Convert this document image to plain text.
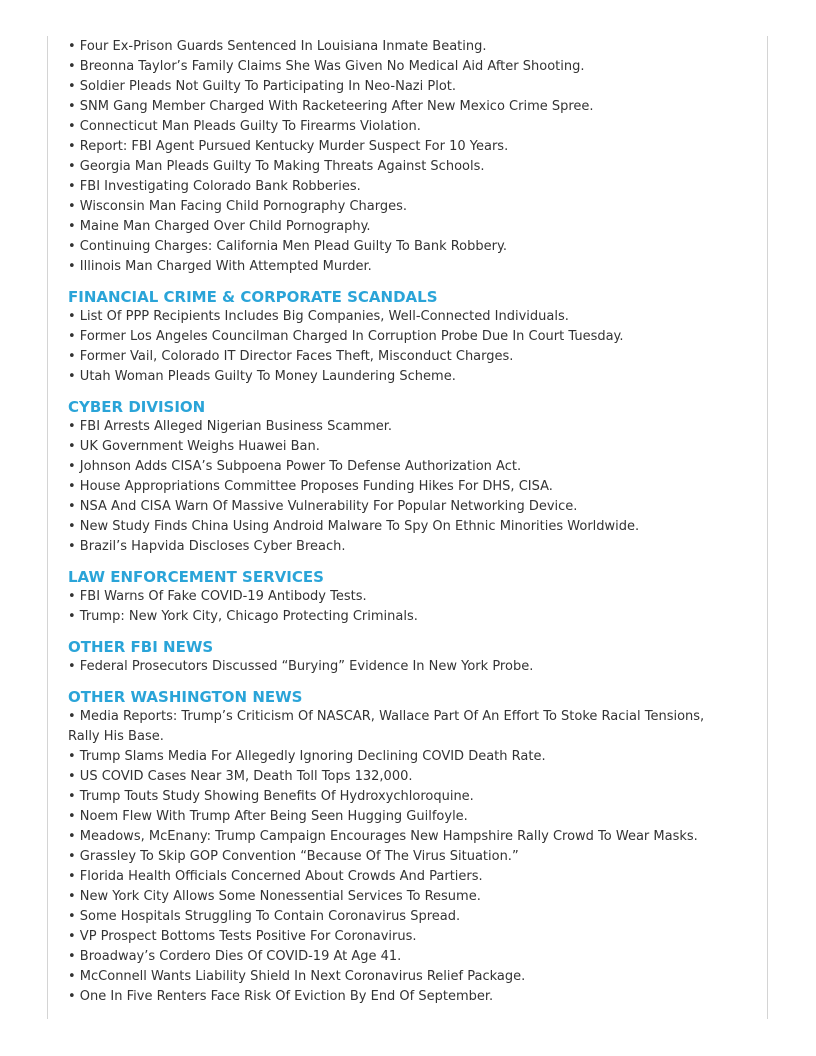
• Four Ex-Prison Guards Sentenced In Louisiana Inmate Beating.

• Breonna Taylor’s Family Claims She Was Given No Medical Aid After Shooting.

• Soldier Pleads Not Guilty To Participating In Neo-Nazi Plot.

• SNM Gang Member Charged With Racketeering After New Mexico Crime Spree.

• Connecticut Man Pleads Guilty To Firearms Violation.

• Report: FBI Agent Pursued Kentucky Murder Suspect For 10 Years.

• Georgia Man Pleads Guilty To Making Threats Against Schools.

• FBI Investigating Colorado Bank Robberies.

• Wisconsin Man Facing Child Pornography Charges.

• Maine Man Charged Over Child Pornography.

• Continuing Charges: California Men Plead Guilty To Bank Robbery.

• Illinois Man Charged With Attempted Murder.

FINANCIAL CRIME & CORPORATE SCANDALS

• List Of PPP Recipients Includes Big Companies, Well-Connected Individuals.

• Former Los Angeles Councilman Charged In Corruption Probe Due In Court Tuesday.

• Former Vail, Colorado IT Director Faces Theft, Misconduct Charges.

• Utah Woman Pleads Guilty To Money Laundering Scheme.

CYBER DIVISION

• FBI Arrests Alleged Nigerian Business Scammer.

• UK Government Weighs Huawei Ban.

• Johnson Adds CISA’s Subpoena Power To Defense Authorization Act.

• House Appropriations Committee Proposes Funding Hikes For DHS, CISA.

• NSA And CISA Warn Of Massive Vulnerability For Popular Networking Device.

• New Study Finds China Using Android Malware To Spy On Ethnic Minorities Worldwide.

• Brazil’s Hapvida Discloses Cyber Breach.

LAW ENFORCEMENT SERVICES

• FBI Warns Of Fake COVID-19 Antibody Tests.

• Trump: New York City, Chicago Protecting Criminals.

OTHER FBI NEWS

• Federal Prosecutors Discussed “Burying” Evidence In New York Probe.

OTHER WASHINGTON NEWS

• Media Reports: Trump’s Criticism Of NASCAR, Wallace Part Of An Effort To Stoke Racial Tensions, Rally His Base.

• Trump Slams Media For Allegedly Ignoring Declining COVID Death Rate.

• US COVID Cases Near 3M, Death Toll Tops 132,000.

• Trump Touts Study Showing Benefits Of Hydroxychloroquine.

• Noem Flew With Trump After Being Seen Hugging Guilfoyle.

• Meadows, McEnany: Trump Campaign Encourages New Hampshire Rally Crowd To Wear Masks.

• Grassley To Skip GOP Convention “Because Of The Virus Situation.”

• Florida Health Officials Concerned About Crowds And Partiers.

• New York City Allows Some Nonessential Services To Resume.

• Some Hospitals Struggling To Contain Coronavirus Spread.

• VP Prospect Bottoms Tests Positive For Coronavirus.

• Broadway’s Cordero Dies Of COVID-19 At Age 41.

• McConnell Wants Liability Shield In Next Coronavirus Relief Package.

• One In Five Renters Face Risk Of Eviction By End Of September.
